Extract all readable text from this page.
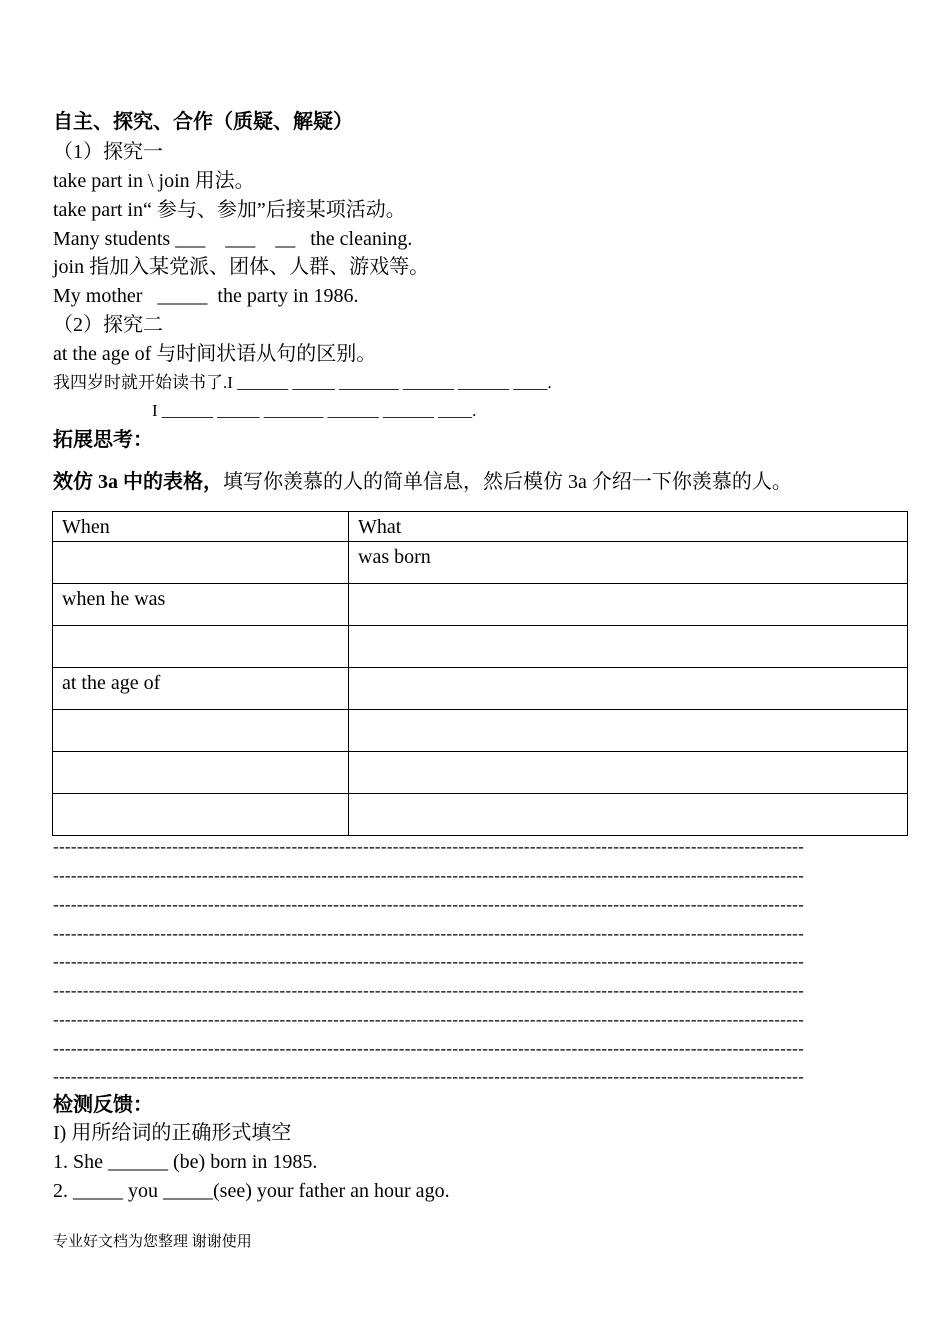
自主、探究、合作（质疑、解疑）
（1）探究一
take part in \ join 用法。
take part in“ 参与、参加”后接某项活动。
Many students ___    ___    __   the cleaning.
join 指加入某党派、团体、人群、游戏等。
My mother   _____  the party in 1986.
（2）探究二
at the age of 与时间状语从句的区别。
我四岁时就开始读书了.I ______ _____ _______ ______ ______ ____.
I ______ _____ _______ ______ ______ ____.
拓展思考：
效仿 3a 中的表格，填写你羡慕的人的简单信息，然后模仿 3a 介绍一下你羡慕的人。
When	What
	was born
when he was	

at the age of	

------------------------------------------------------------------------------------------------------------------------------
------------------------------------------------------------------------------------------------------------------------------
------------------------------------------------------------------------------------------------------------------------------
------------------------------------------------------------------------------------------------------------------------------
------------------------------------------------------------------------------------------------------------------------------
------------------------------------------------------------------------------------------------------------------------------
------------------------------------------------------------------------------------------------------------------------------
------------------------------------------------------------------------------------------------------------------------------
------------------------------------------------------------------------------------------------------------------------------
检测反馈：
I) 用所给词的正确形式填空
1. She ______ (be) born in 1985.
2. _____ you _____(see) your father an hour ago.
专业好文档为您整理 谢谢使用
